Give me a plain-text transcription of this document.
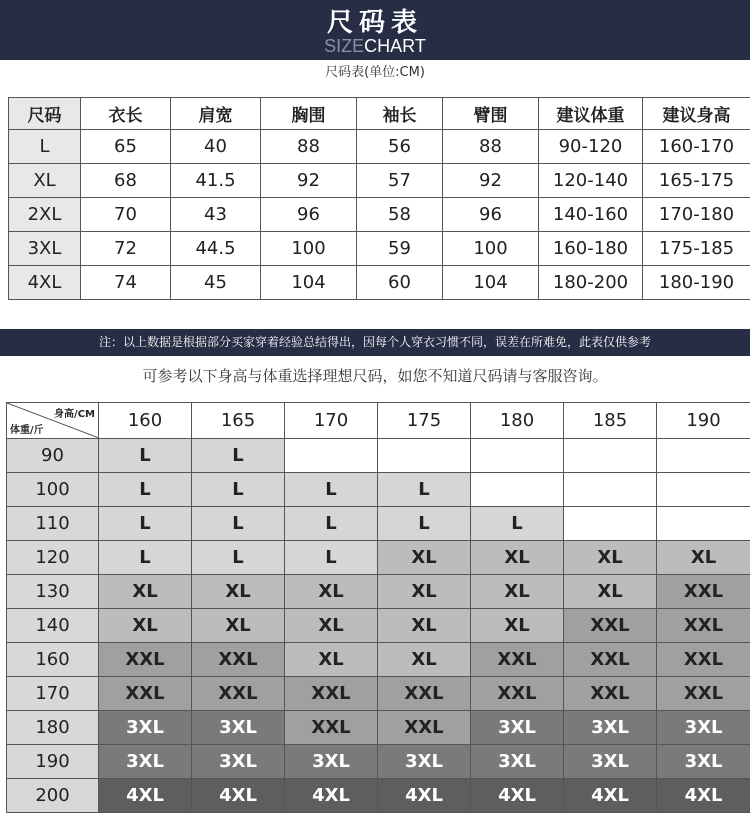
尺码表
SIZECHART
尺码表(单位:CM)
尺码	衣长	肩宽	胸围	袖长	臂围	建议体重	建议身高
L	65	40	88	56	88	90-120	160-170
XL	68	41.5	92	57	92	120-140	165-175
2XL	70	43	96	58	96	140-160	170-180
3XL	72	44.5	100	59	100	160-180	175-185
4XL	74	45	104	60	104	180-200	180-190
注：以上数据是根据部分买家穿着经验总结得出，因每个人穿衣习惯不同，误差在所难免，此表仅供参考
可参考以下身高与体重选择理想尺码，如您不知道尺码请与客服咨询。
身高/CM
体重/斤	160	165	170	175	180	185	190
90	L	L					
100	L	L	L	L			
110	L	L	L	L	L		
120	L	L	L	XL	XL	XL	XL
130	XL	XL	XL	XL	XL	XL	XXL
140	XL	XL	XL	XL	XL	XXL	XXL
160	XXL	XXL	XL	XL	XXL	XXL	XXL
170	XXL	XXL	XXL	XXL	XXL	XXL	XXL
180	3XL	3XL	XXL	XXL	3XL	3XL	3XL
190	3XL	3XL	3XL	3XL	3XL	3XL	3XL
200	4XL	4XL	4XL	4XL	4XL	4XL	4XL
